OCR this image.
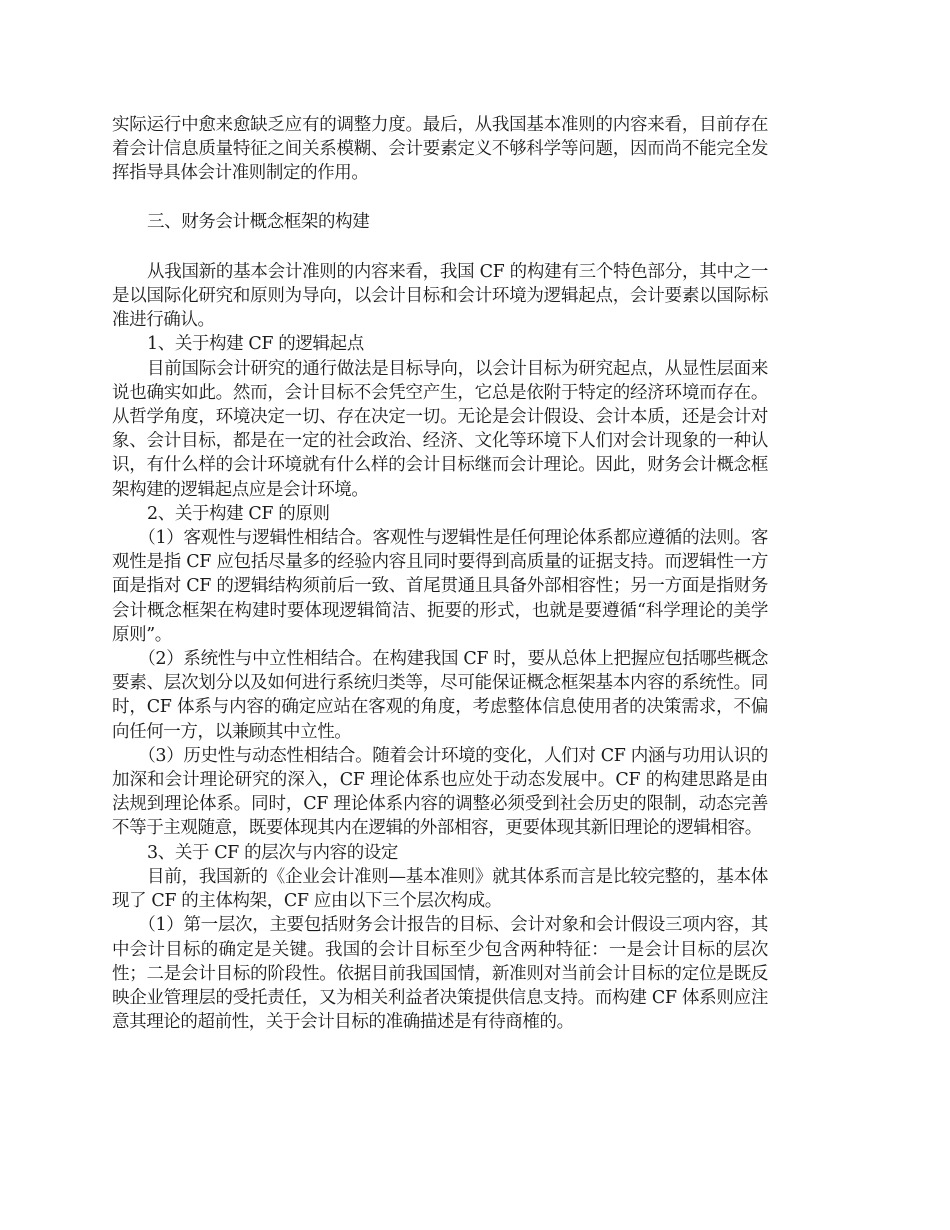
实际运行中愈来愈缺乏应有的调整力度。最后，从我国基本准则的内容来看，目前存在着会计信息质量特征之间关系模糊、会计要素定义不够科学等问题，因而尚不能完全发挥指导具体会计准则制定的作用。

三、财务会计概念框架的构建

从我国新的基本会计准则的内容来看，我国 CF 的构建有三个特色部分，其中之一是以国际化研究和原则为导向，以会计目标和会计环境为逻辑起点，会计要素以国际标准进行确认。

1、关于构建 CF 的逻辑起点

目前国际会计研究的通行做法是目标导向，以会计目标为研究起点，从显性层面来说也确实如此。然而，会计目标不会凭空产生，它总是依附于特定的经济环境而存在。从哲学角度，环境决定一切、存在决定一切。无论是会计假设、会计本质，还是会计对象、会计目标，都是在一定的社会政治、经济、文化等环境下人们对会计现象的一种认识，有什么样的会计环境就有什么样的会计目标继而会计理论。因此，财务会计概念框架构建的逻辑起点应是会计环境。

2、关于构建 CF 的原则

（1）客观性与逻辑性相结合。客观性与逻辑性是任何理论体系都应遵循的法则。客观性是指 CF 应包括尽量多的经验内容且同时要得到高质量的证据支持。而逻辑性一方面是指对 CF 的逻辑结构须前后一致、首尾贯通且具备外部相容性；另一方面是指财务会计概念框架在构建时要体现逻辑简洁、扼要的形式，也就是要遵循“科学理论的美学原则”。

（2）系统性与中立性相结合。在构建我国 CF 时，要从总体上把握应包括哪些概念要素、层次划分以及如何进行系统归类等，尽可能保证概念框架基本内容的系统性。同时，CF 体系与内容的确定应站在客观的角度，考虑整体信息使用者的决策需求，不偏向任何一方，以兼顾其中立性。

（3）历史性与动态性相结合。随着会计环境的变化，人们对 CF 内涵与功用认识的加深和会计理论研究的深入，CF 理论体系也应处于动态发展中。CF 的构建思路是由法规到理论体系。同时，CF 理论体系内容的调整必须受到社会历史的限制，动态完善不等于主观随意，既要体现其内在逻辑的外部相容，更要体现其新旧理论的逻辑相容。

3、关于 CF 的层次与内容的设定

目前，我国新的《企业会计准则—基本准则》就其体系而言是比较完整的，基本体现了 CF 的主体构架，CF 应由以下三个层次构成。

（1）第一层次，主要包括财务会计报告的目标、会计对象和会计假设三项内容，其中会计目标的确定是关键。我国的会计目标至少包含两种特征：一是会计目标的层次性；二是会计目标的阶段性。依据目前我国国情，新准则对当前会计目标的定位是既反映企业管理层的受托责任，又为相关利益者决策提供信息支持。而构建 CF 体系则应注意其理论的超前性，关于会计目标的准确描述是有待商榷的。
